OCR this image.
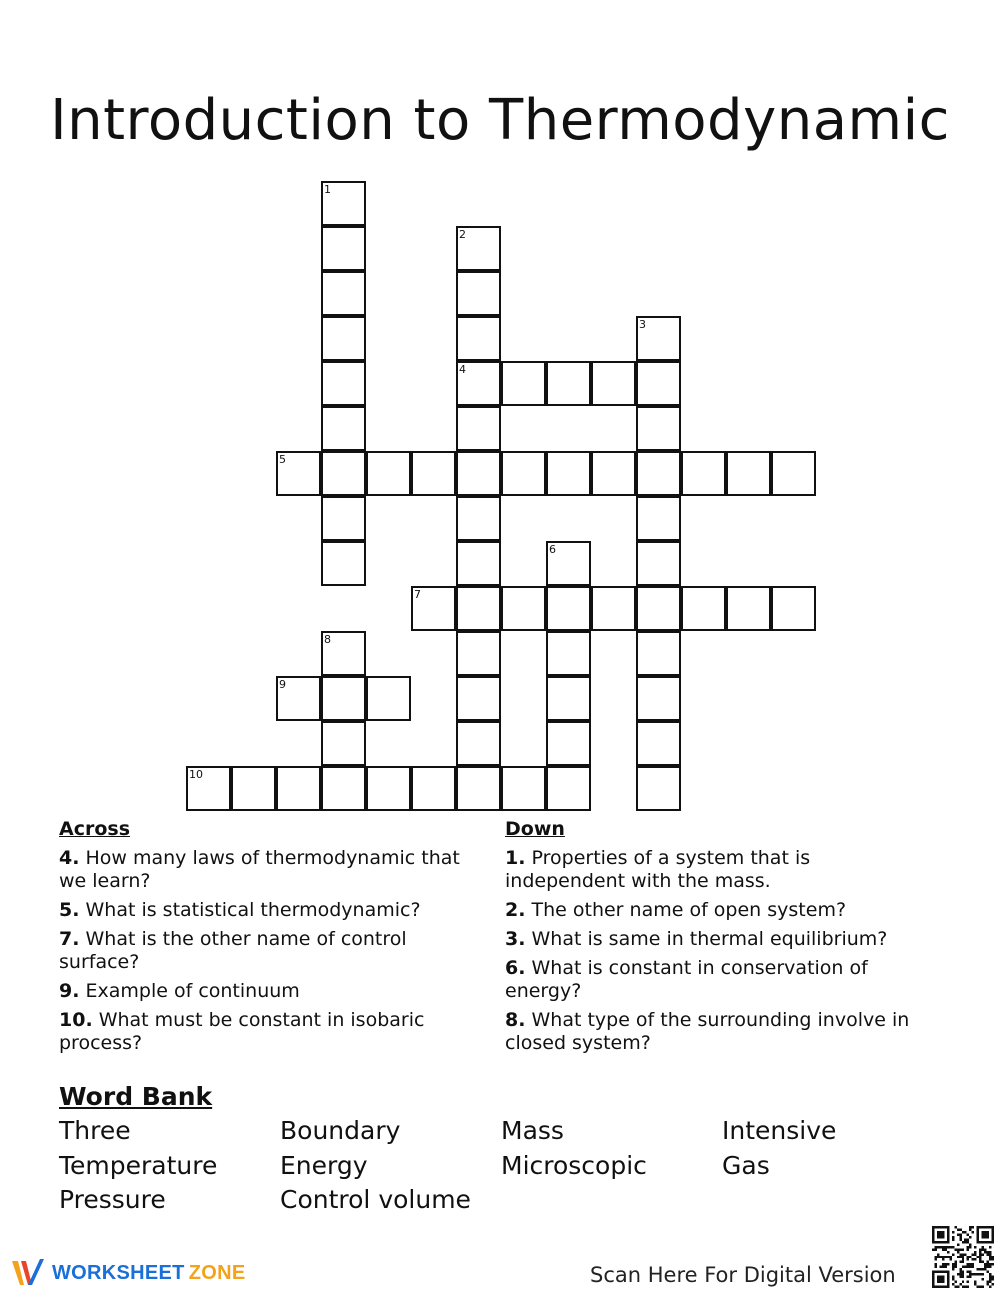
Introduction to Thermodynamic
1
2
3
4
5
6
7
8
9
10
Across
4. How many laws of thermodynamic that we learn?
5. What is statistical thermodynamic?
7. What is the other name of control surface?
9. Example of continuum
10. What must be constant in isobaric process?
Down
1. Properties of a system that is independent with the mass.
2. The other name of open system?
3. What is same in thermal equilibrium?
6. What is constant in conservation of energy?
8. What type of the surrounding involve in closed system?
Word Bank
Three	Boundary	Mass	Intensive
Temperature	Energy	Microscopic	Gas
Pressure	Control volume
WORKSHEET ZONE	Scan Here For Digital Version
